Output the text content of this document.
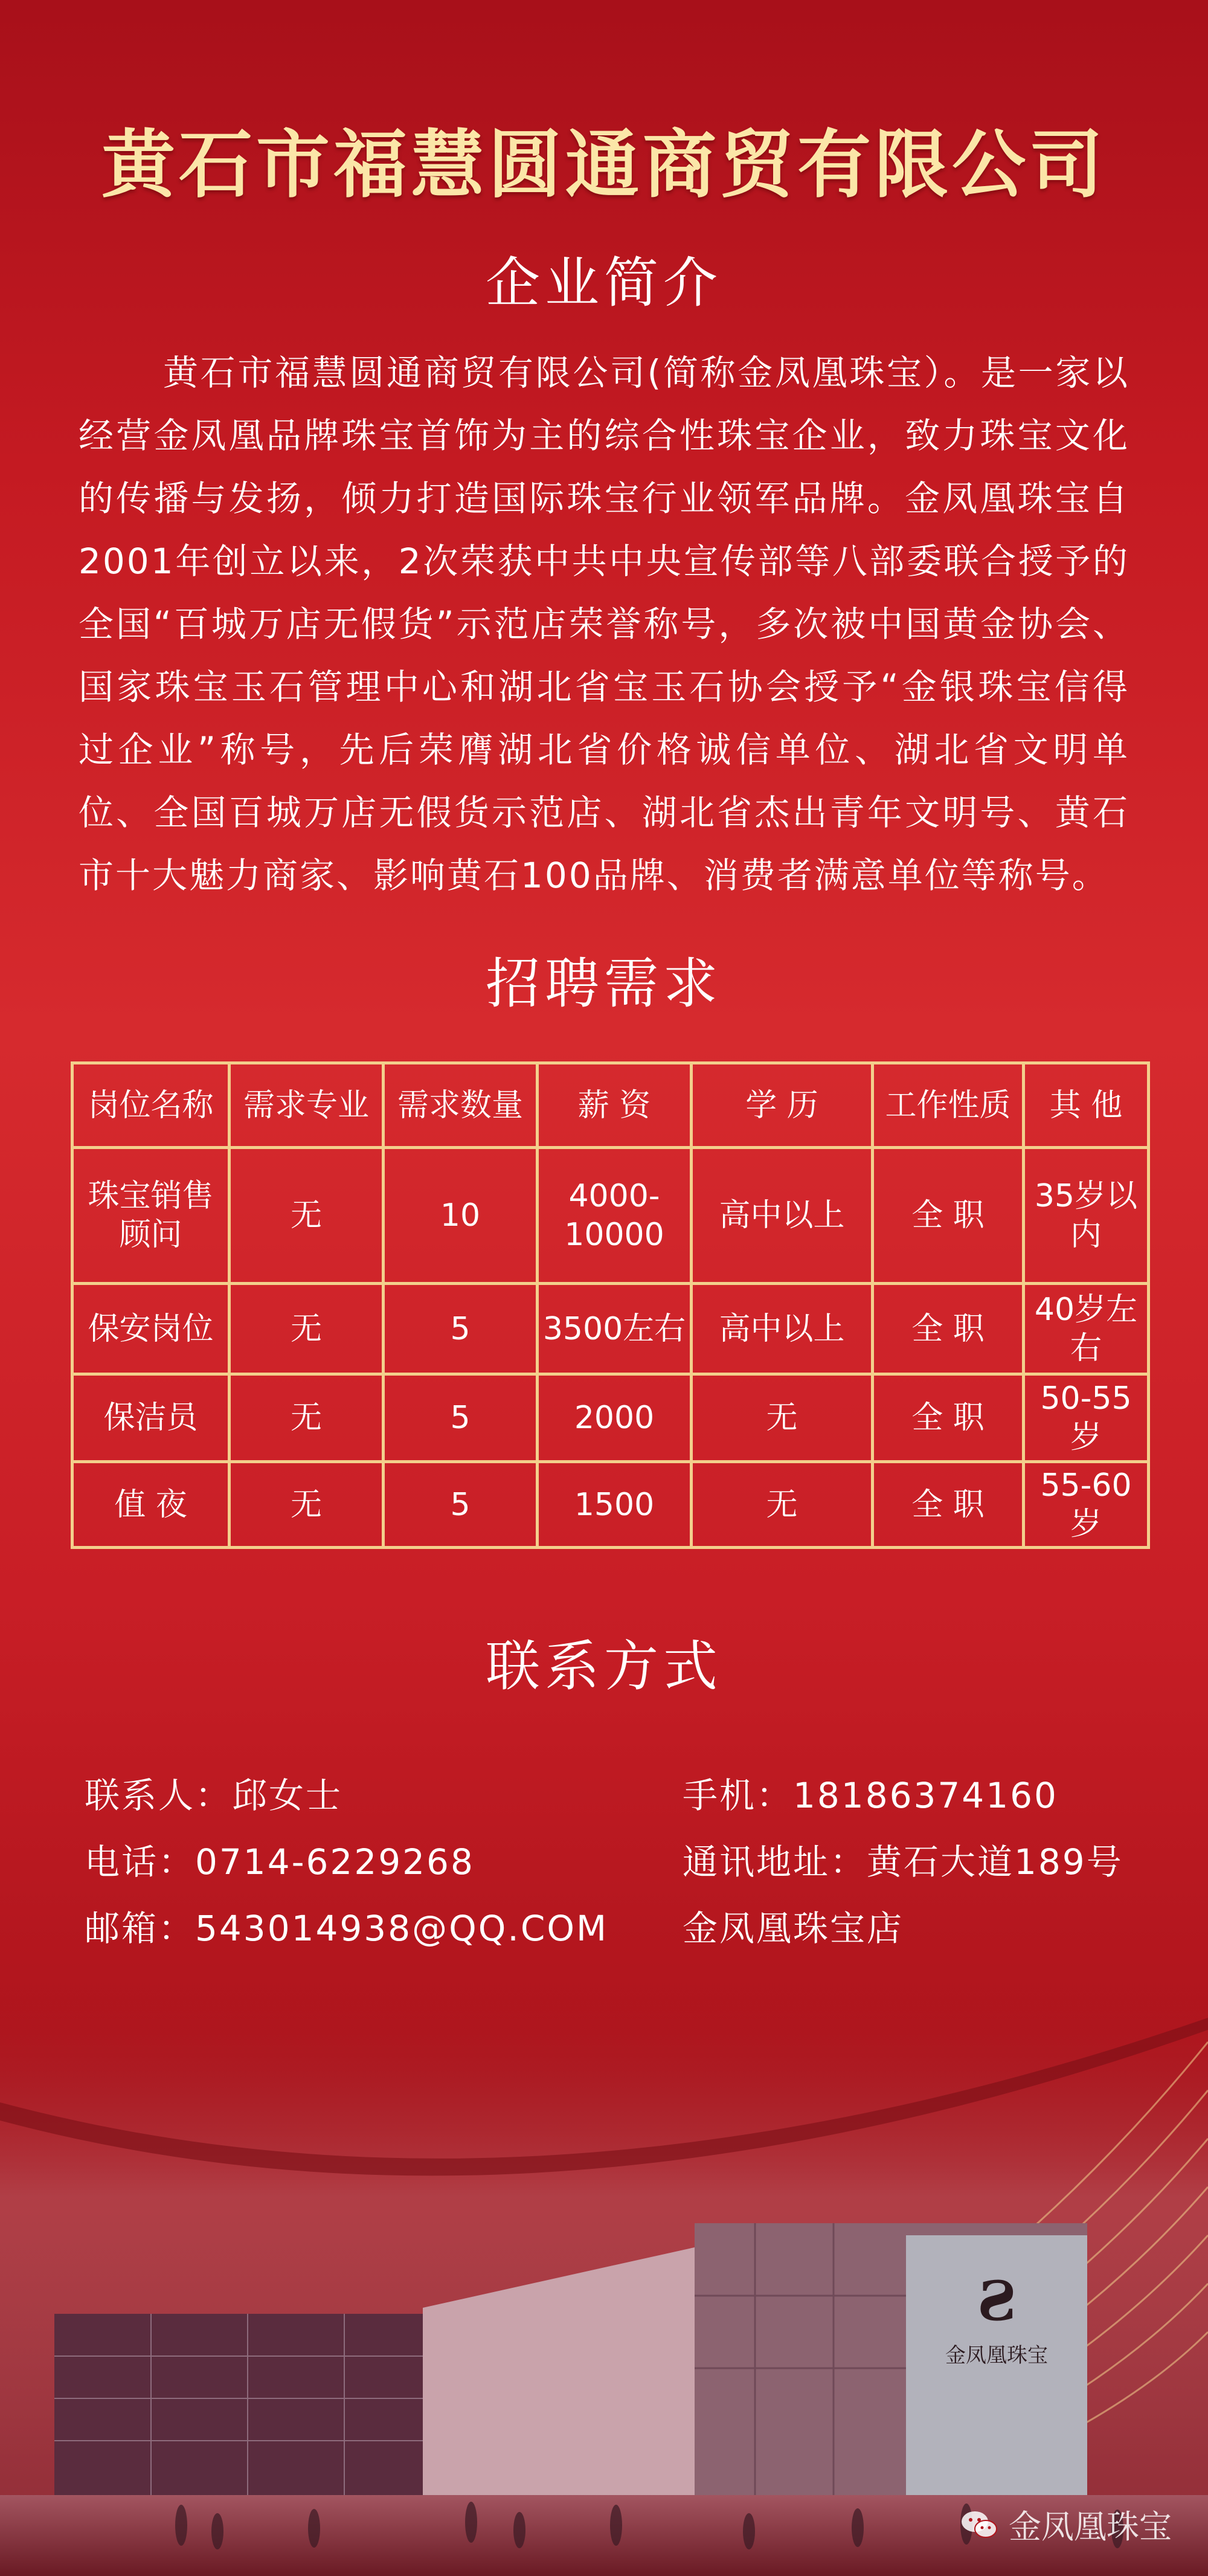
黄石市福慧圆通商贸有限公司
企业简介

黄石市福慧圆通商贸有限公司(简称金凤凰珠宝）。是一家以经营金凤凰品牌珠宝首饰为主的综合性珠宝企业，致力珠宝文化的传播与发扬，倾力打造国际珠宝行业领军品牌。金凤凰珠宝自2001年创立以来，2次荣获中共中央宣传部等八部委联合授予的全国“百城万店无假货”示范店荣誉称号，多次被中国黄金协会、国家珠宝玉石管理中心和湖北省宝玉石协会授予“金银珠宝信得过企业”称号，先后荣膺湖北省价格诚信单位、湖北省文明单位、全国百城万店无假货示范店、湖北省杰出青年文明号、黄石市十大魅力商家、影响黄石100品牌、消费者满意单位等称号。

招聘需求
岗位名称	需求专业	需求数量	薪 资	学 历	工作性质	其 他
珠宝销售顾问	无	10	4000-10000	高中以上	全 职	35岁以内
保安岗位	无	5	3500左右	高中以上	全 职	40岁左右
保洁员	无	5	2000	无	全 职	50-55岁
值 夜	无	5	1500	无	全 职	55-60岁
联系方式
联系人：邱女士
电话：0714-6229268
邮箱：543014938@QQ.COM
手机：18186374160
通讯地址：黄石大道189号
金凤凰珠宝店
Ƨ
金凤凰珠宝
金凤凰珠宝
